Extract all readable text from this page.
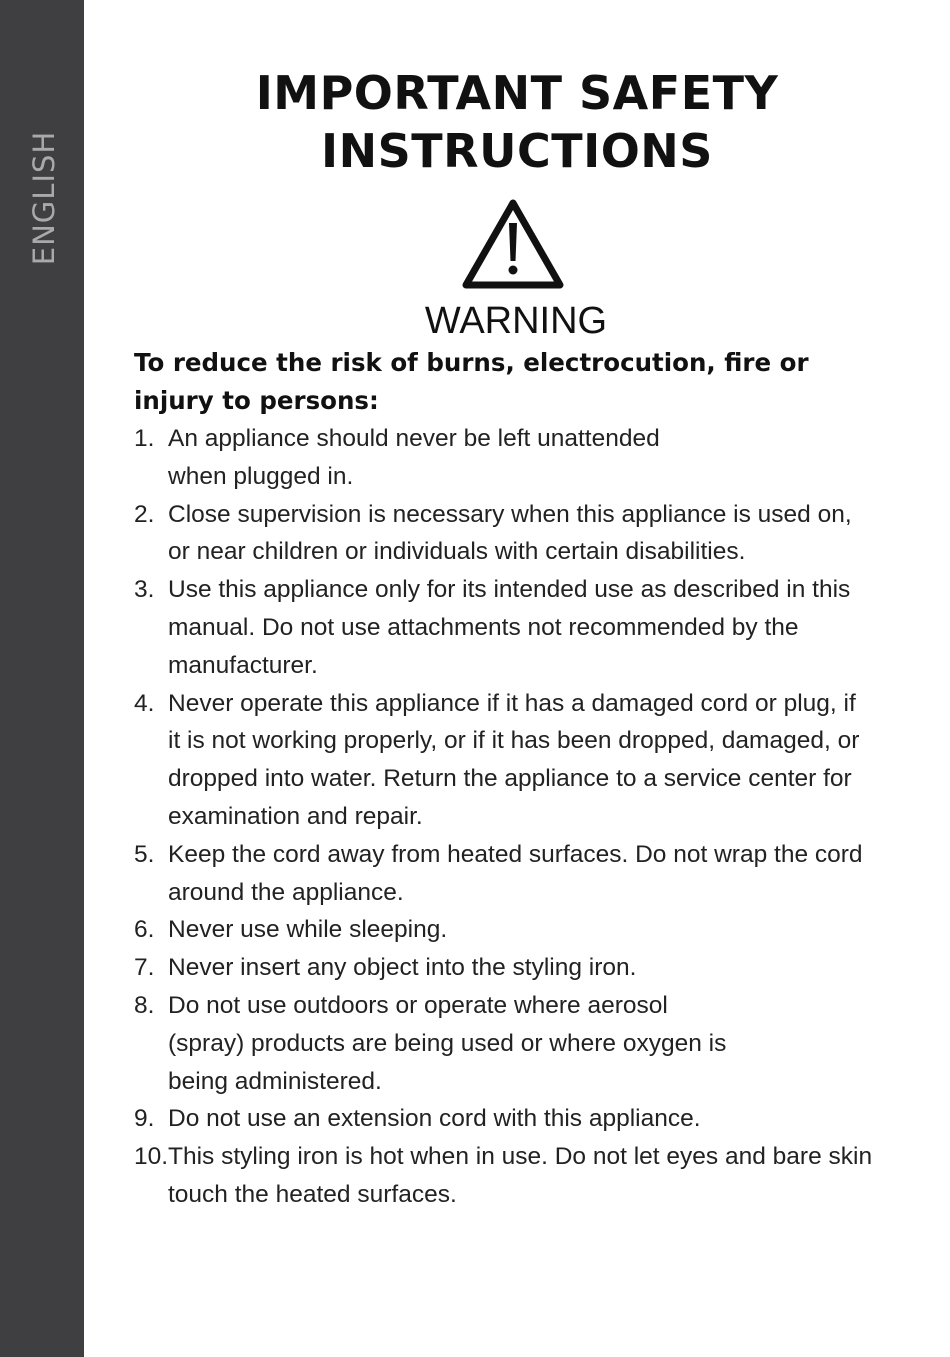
ENGLISH
IMPORTANT SAFETY
INSTRUCTIONS
WARNING

To reduce the risk of burns, electrocution, fire or injury to persons:

1. An appliance should never be left unattended
when plugged in.
2. Close supervision is necessary when this appliance is used on, or near children or individuals with certain disabilities.
3. Use this appliance only for its intended use as described in this manual. Do not use attachments not recommended by the manufacturer.
4. Never operate this appliance if it has a damaged cord or plug, if it is not working properly, or if it has been dropped, damaged, or dropped into water. Return the appliance to a service center for examination and repair.
5. Keep the cord away from heated surfaces. Do not wrap the cord around the appliance.
6. Never use while sleeping.
7. Never insert any object into the styling iron.
8. Do not use outdoors or operate where aerosol
(spray) products are being used or where oxygen is
being administered.
9. Do not use an extension cord with this appliance.
10. This styling iron is hot when in use. Do not let eyes and bare skin touch the heated surfaces.
